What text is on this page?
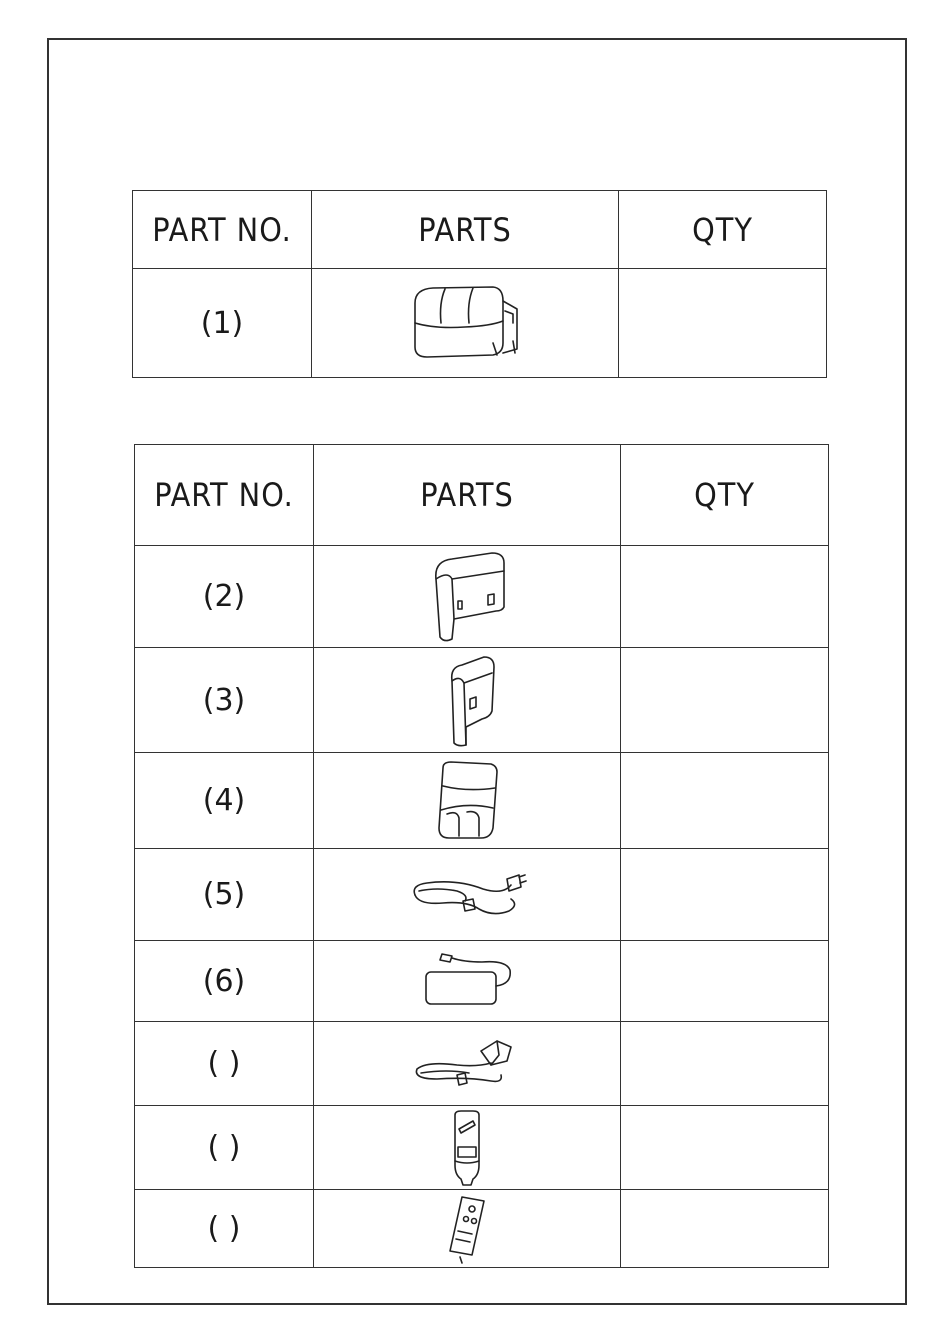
PART NO.	PARTS	QTY
(1)	

PART NO.	PARTS	QTY
(2)	

(3)	

(4)	

(5)	

(6)	

( )	

( )	

( )	
